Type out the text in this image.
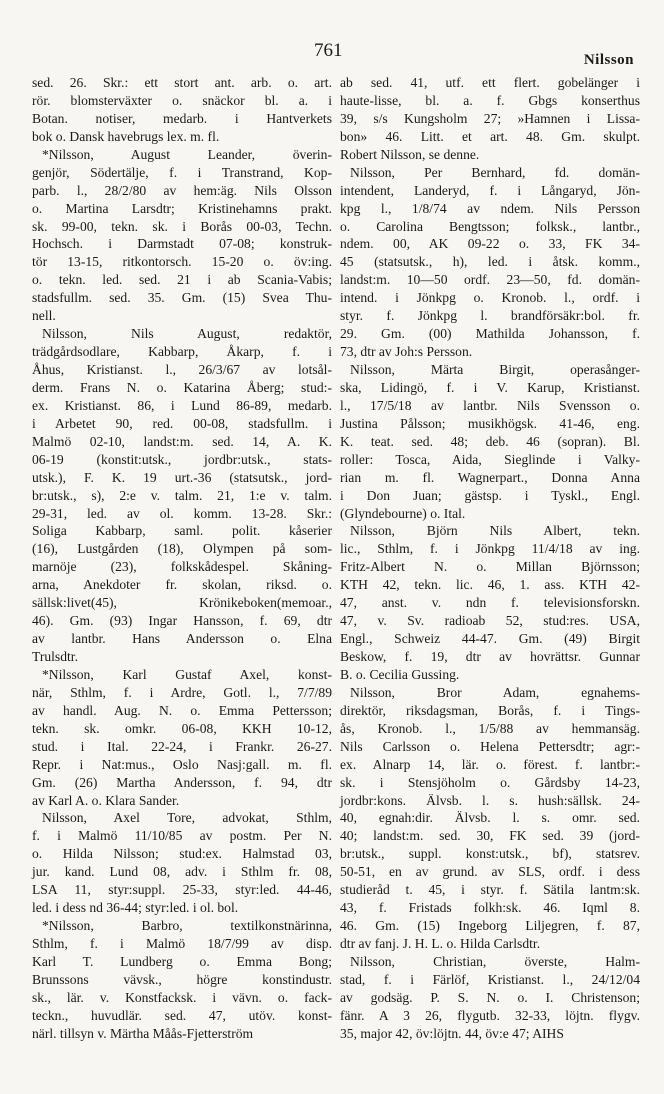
761	Nilsson
sed. 26. Skr.: ett stort ant. arb. o. art.
rör. blomsterväxter o. snäckor bl. a. i
Botan. notiser, medarb. i Hantverkets
bok o. Dansk havebrugs lex. m. fl.
*Nilsson, August Leander, överin-
genjör, Södertälje, f. i Transtrand, Kop-
parb. l., 28/2/80 av hem:äg. Nils Olsson
o. Martina Larsdtr; Kristinehamns prakt.
sk. 99-00, tekn. sk. i Borås 00-03, Techn.
Hochsch. i Darmstadt 07-08; konstruk-
tör 13-15, ritkontorsch. 15-20 o. öv:ing.
o. tekn. led. sed. 21 i ab Scania-Vabis;
stadsfullm. sed. 35. Gm. (15) Svea Thu-
nell.
Nilsson, Nils August, redaktör,
trädgårdsodlare, Kabbarp, Åkarp, f. i
Åhus, Kristianst. l., 26/3/67 av lotsål-
derm. Frans N. o. Katarina Åberg; stud:-
ex. Kristianst. 86, i Lund 86-89, medarb.
i Arbetet 90, red. 00-08, stadsfullm. i
Malmö 02-10, landst:m. sed. 14, A. K.
06-19 (konstit:utsk., jordbr:utsk., stats-
utsk.), F. K. 19 urt.-36 (statsutsk., jord-
br:utsk., s), 2:e v. talm. 21, 1:e v. talm.
29-31, led. av ol. komm. 13-28. Skr.:
Soliga Kabbarp, saml. polit. kåserier
(16), Lustgården (18), Olympen på som-
marnöje (23), folkskådespel. Skåning-
arna, Anekdoter fr. skolan, riksd. o.
sällsk:livet(45), Krönikeboken(memoar.,
46). Gm. (93) Ingar Hansson, f. 69, dtr
av lantbr. Hans Andersson o. Elna
Trulsdtr.
*Nilsson, Karl Gustaf Axel, konst-
när, Sthlm, f. i Ardre, Gotl. l., 7/7/89
av handl. Aug. N. o. Emma Pettersson;
tekn. sk. omkr. 06-08, KKH 10-12,
stud. i Ital. 22-24, i Frankr. 26-27.
Repr. i Nat:mus., Oslo Nasj:gall. m. fl.
Gm. (26) Martha Andersson, f. 94, dtr
av Karl A. o. Klara Sander.
Nilsson, Axel Tore, advokat, Sthlm,
f. i Malmö 11/10/85 av postm. Per N.
o. Hilda Nilsson; stud:ex. Halmstad 03,
jur. kand. Lund 08, adv. i Sthlm fr. 08,
LSA 11, styr:suppl. 25-33, styr:led. 44-46,
led. i dess nd 36-44; styr:led. i ol. bol.
*Nilsson, Barbro, textilkonstnärinna,
Sthlm, f. i Malmö 18/7/99 av disp.
Karl T. Lundberg o. Emma Bong;
Brunssons vävsk., högre konstindustr.
sk., lär. v. Konstfacksk. i vävn. o. fack-
teckn., huvudlär. sed. 47, utöv. konst-
närl. tillsyn v. Märtha Måås-Fjetterström
ab sed. 41, utf. ett flert. gobelänger i
haute-lisse, bl. a. f. Gbgs konserthus
39, s/s Kungsholm 27; »Hamnen i Lissa-
bon» 46. Litt. et art. 48. Gm. skulpt.
Robert Nilsson, se denne.
Nilsson, Per Bernhard, fd. domän-
intendent, Landeryd, f. i Långaryd, Jön-
kpg l., 1/8/74 av ndem. Nils Persson
o. Carolina Bengtsson; folksk., lantbr.,
ndem. 00, AK 09-22 o. 33, FK 34-
45 (statsutsk., h), led. i åtsk. komm.,
landst:m. 10—50 ordf. 23—50, fd. domän-
intend. i Jönkpg o. Kronob. l., ordf. i
styr. f. Jönkpg l. brandförsäkr:bol. fr.
29. Gm. (00) Mathilda Johansson, f.
73, dtr av Joh:s Persson.
Nilsson, Märta Birgit, operasånger-
ska, Lidingö, f. i V. Karup, Kristianst.
l., 17/5/18 av lantbr. Nils Svensson o.
Justina Pålsson; musikhögsk. 41-46, eng.
K. teat. sed. 48; deb. 46 (sopran). Bl.
roller: Tosca, Aida, Sieglinde i Valky-
rian m. fl. Wagnerpart., Donna Anna
i Don Juan; gästsp. i Tyskl., Engl.
(Glyndebourne) o. Ital.
Nilsson, Björn Nils Albert, tekn.
lic., Sthlm, f. i Jönkpg 11/4/18 av ing.
Fritz-Albert N. o. Millan Björnsson;
KTH 42, tekn. lic. 46, 1. ass. KTH 42-
47, anst. v. ndn f. televisionsforskn.
47, v. Sv. radioab 52, stud:res. USA,
Engl., Schweiz 44-47. Gm. (49) Birgit
Beskow, f. 19, dtr av hovrättsr. Gunnar
B. o. Cecilia Gussing.
Nilsson, Bror Adam, egnahems-
direktör, riksdagsman, Borås, f. i Tings-
ås, Kronob. l., 1/5/88 av hemmansäg.
Nils Carlsson o. Helena Pettersdtr; agr:-
ex. Alnarp 14, lär. o. förest. f. lantbr:-
sk. i Stensjöholm o. Gårdsby 14-23,
jordbr:kons. Älvsb. l. s. hush:sällsk. 24-
40, egnah:dir. Älvsb. l. s. omr. sed.
40; landst:m. sed. 30, FK sed. 39 (jord-
br:utsk., suppl. konst:utsk., bf), statsrev.
50-51, en av grund. av SLS, ordf. i dess
studieråd t. 45, i styr. f. Sätila lantm:sk.
43, f. Fristads folkh:sk. 46. Iqml 8.
46. Gm. (15) Ingeborg Liljegren, f. 87,
dtr av fanj. J. H. L. o. Hilda Carlsdtr.
Nilsson, Christian, överste, Halm-
stad, f. i Färlöf, Kristianst. l., 24/12/04
av godsäg. P. S. N. o. I. Christenson;
fänr. A 3 26, flygutb. 32-33, löjtn. flygv.
35, major 42, öv:löjtn. 44, öv:e 47; AIHS
